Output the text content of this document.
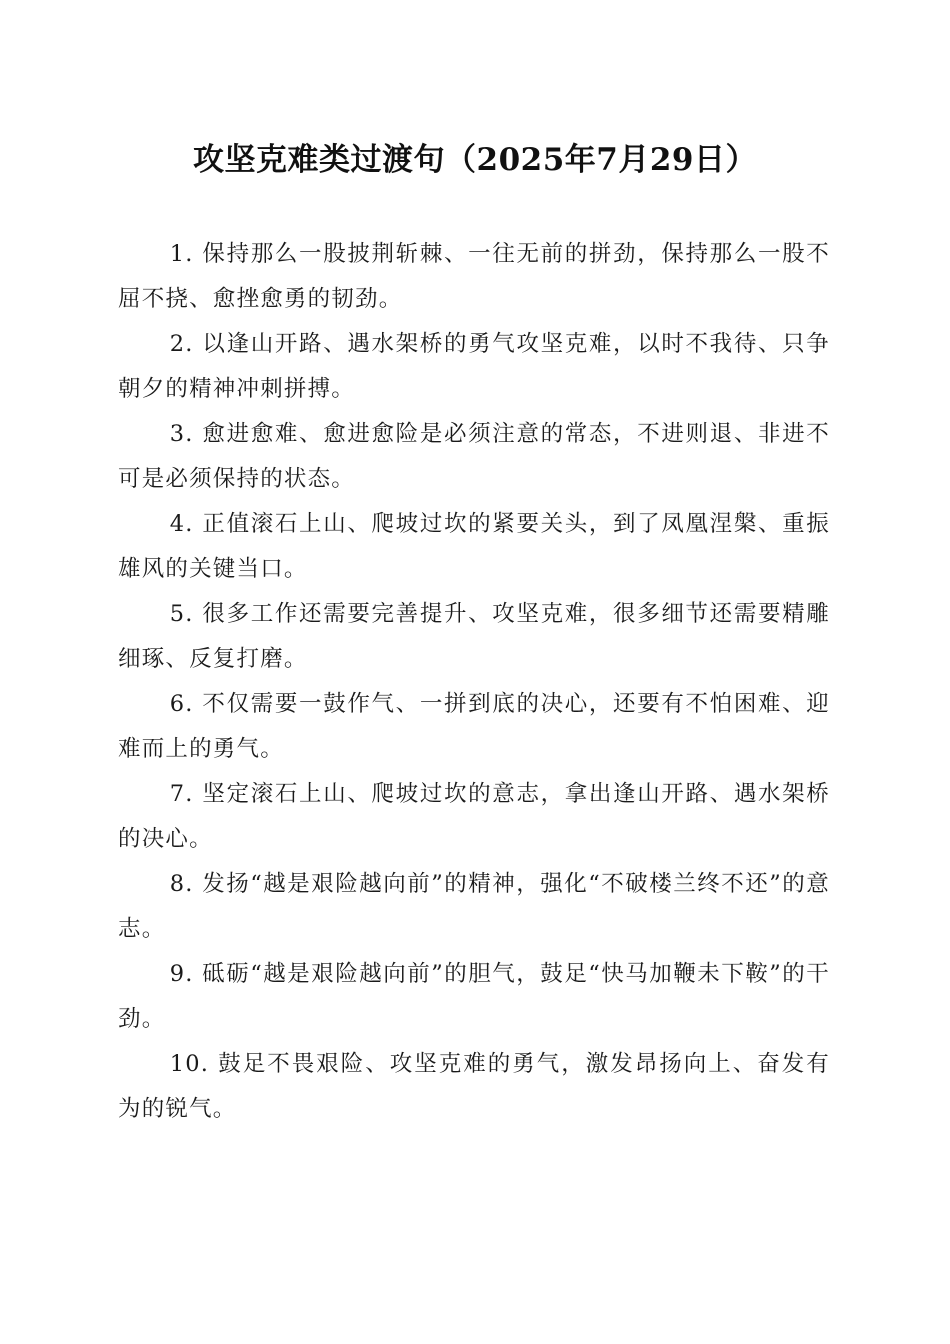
攻坚克难类过渡句（2025年7月29日）

1. 保持那么一股披荆斩棘、一往无前的拼劲，保持那么一股不屈不挠、愈挫愈勇的韧劲。

2. 以逢山开路、遇水架桥的勇气攻坚克难，以时不我待、只争朝夕的精神冲刺拼搏。

3. 愈进愈难、愈进愈险是必须注意的常态，不进则退、非进不可是必须保持的状态。

4. 正值滚石上山、爬坡过坎的紧要关头，到了凤凰涅槃、重振雄风的关键当口。

5. 很多工作还需要完善提升、攻坚克难，很多细节还需要精雕细琢、反复打磨。

6. 不仅需要一鼓作气、一拼到底的决心，还要有不怕困难、迎难而上的勇气。

7. 坚定滚石上山、爬坡过坎的意志，拿出逢山开路、遇水架桥的决心。

8. 发扬“越是艰险越向前”的精神，强化“不破楼兰终不还”的意志。

9. 砥砺“越是艰险越向前”的胆气，鼓足“快马加鞭未下鞍”的干劲。

10. 鼓足不畏艰险、攻坚克难的勇气，激发昂扬向上、奋发有为的锐气。
